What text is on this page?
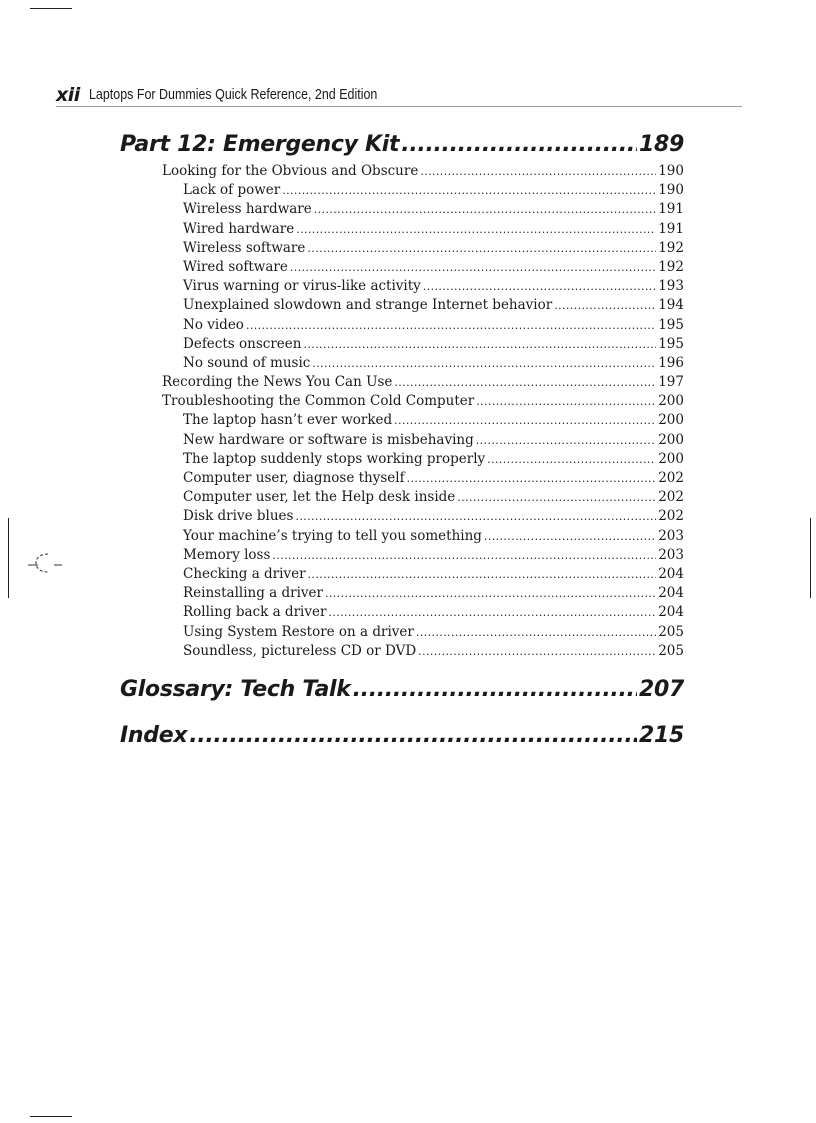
xii Laptops For Dummies Quick Reference, 2nd Edition
Part 12: Emergency Kit .....	189
Looking for the Obvious and Obscure .....	190
Lack of power .....	190
Wireless hardware .....	191
Wired hardware .....	191
Wireless software .....	192
Wired software .....	192
Virus warning or virus-like activity .....	193
Unexplained slowdown and strange Internet behavior .....	194
No video .....	195
Defects onscreen .....	195
No sound of music .....	196
Recording the News You Can Use .....	197
Troubleshooting the Common Cold Computer .....	200
The laptop hasn’t ever worked .....	200
New hardware or software is misbehaving .....	200
The laptop suddenly stops working properly .....	200
Computer user, diagnose thyself .....	202
Computer user, let the Help desk inside .....	202
Disk drive blues .....	202
Your machine’s trying to tell you something .....	203
Memory loss .....	203
Checking a driver .....	204
Reinstalling a driver .....	204
Rolling back a driver .....	204
Using System Restore on a driver .....	205
Soundless, pictureless CD or DVD .....	205
Glossary: Tech Talk .....	207
Index .....	215
